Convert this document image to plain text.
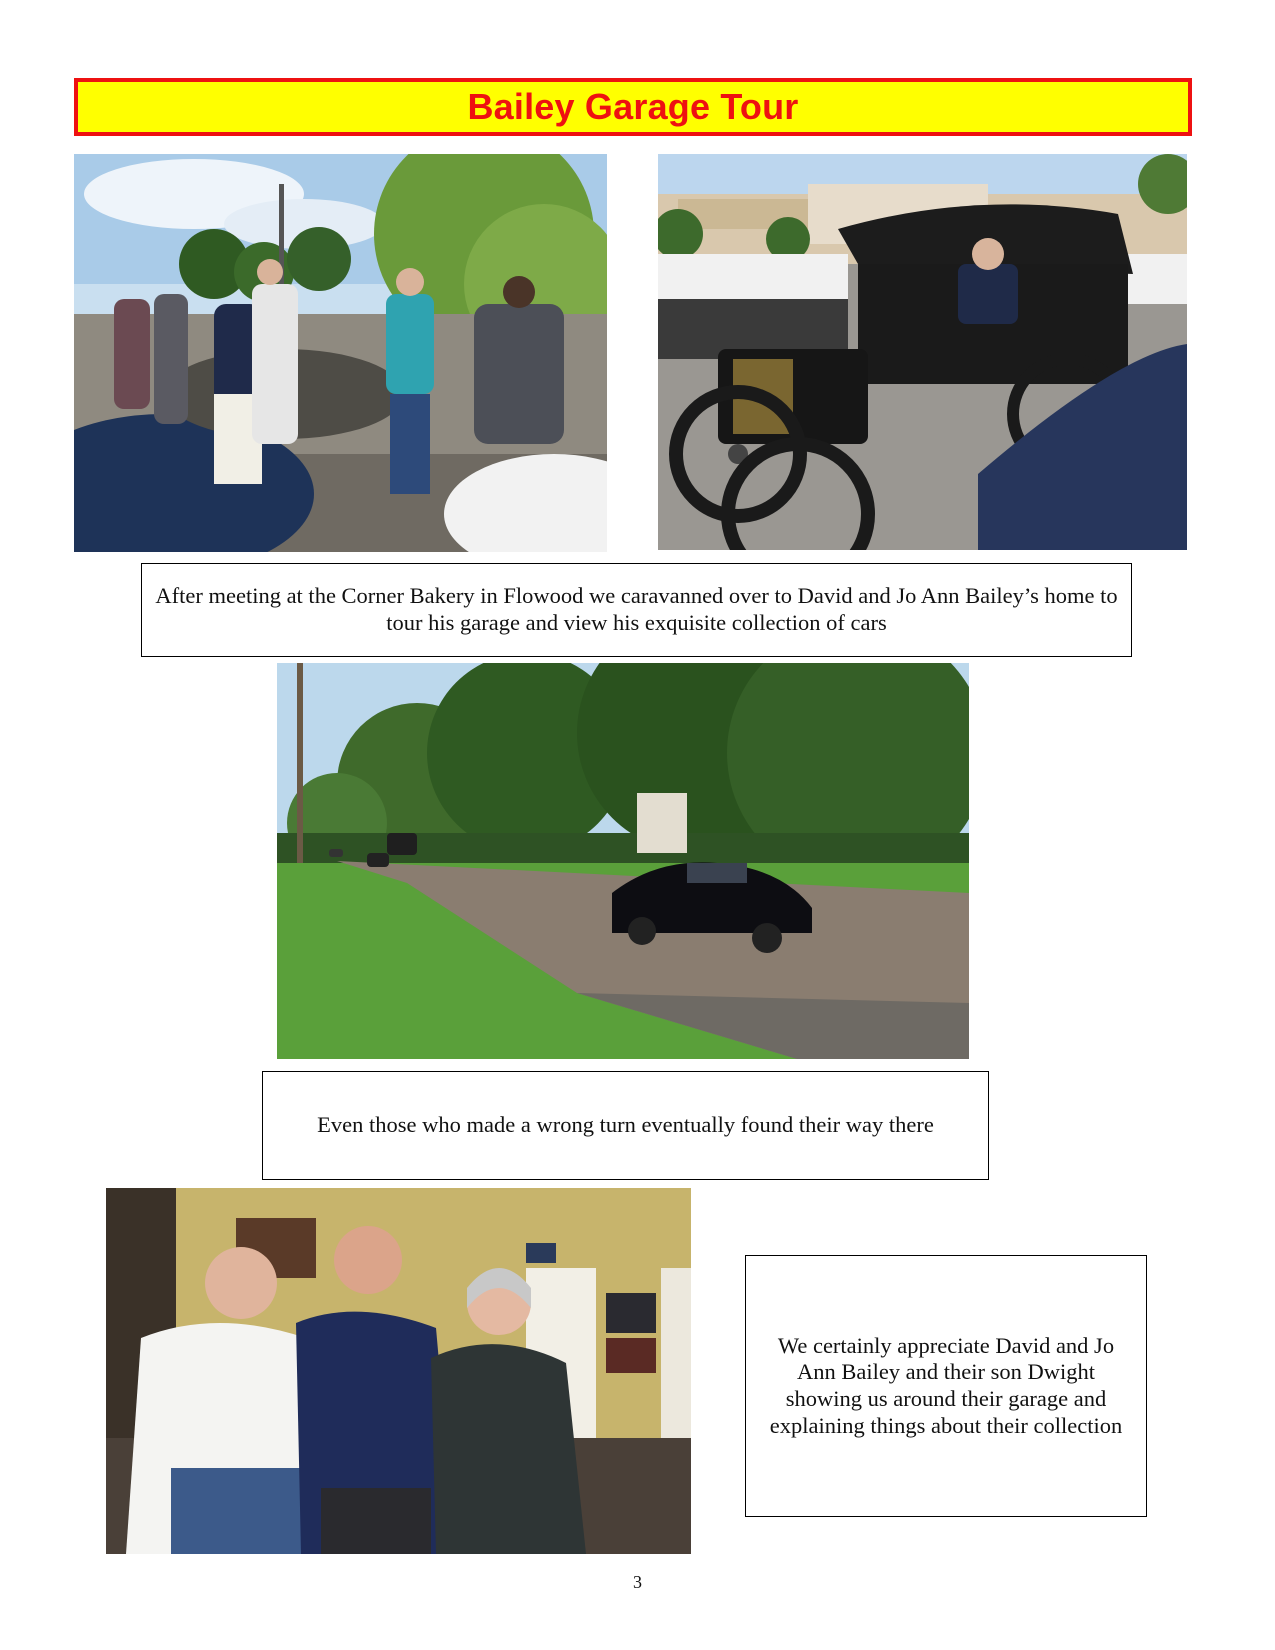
Bailey Garage Tour
After meeting at the Corner Bakery in Flowood we caravanned over to David and Jo Ann Bailey’s home to tour his garage and view his exquisite collection of cars
Even those who made a wrong turn eventually found their way there
We certainly appreciate David and Jo Ann Bailey and their son Dwight showing us around their garage and explaining things about their collection
3
